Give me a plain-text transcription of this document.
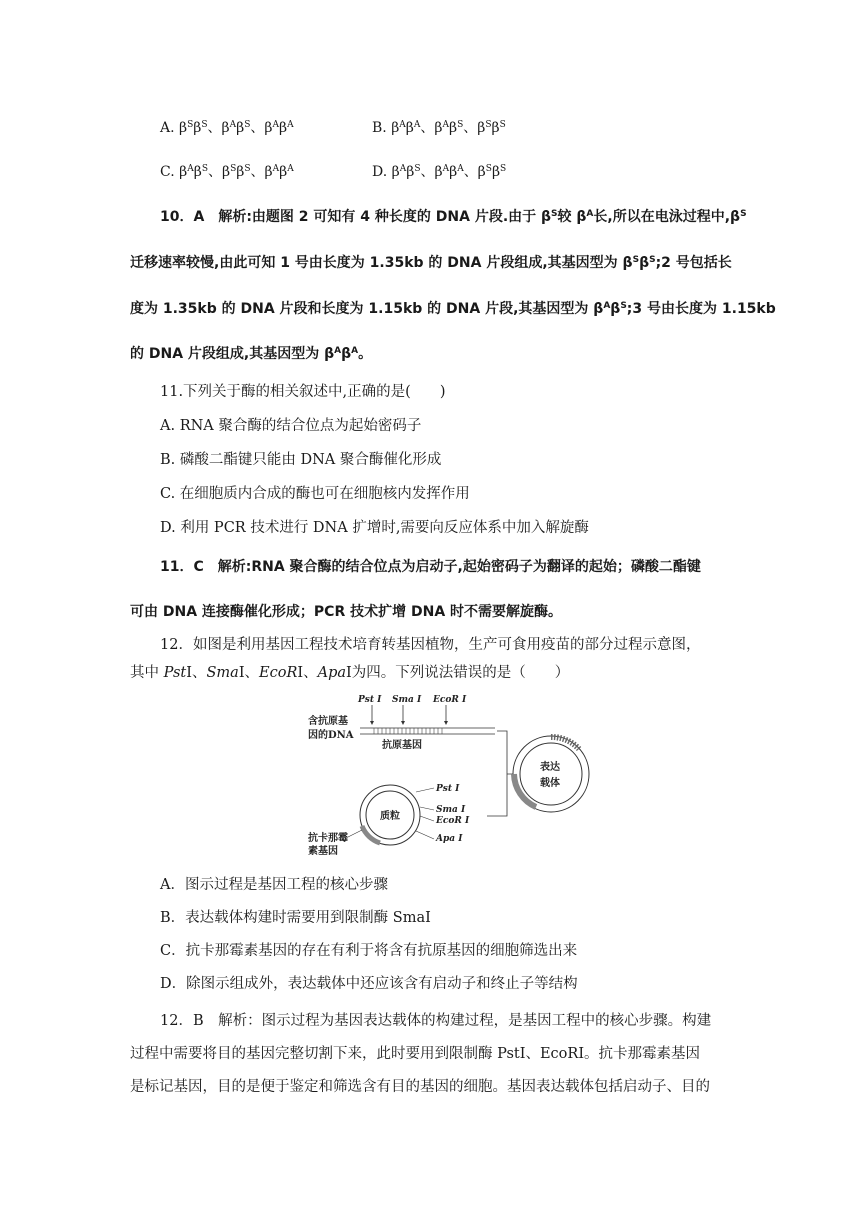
A. $\beta^S\beta^S$、$\beta^A\beta^S$、$\beta^A\beta^A$	B. $\beta^A\beta^A$、$\beta^A\beta^S$、$\beta^S\beta^S$
C. $\beta^A\beta^S$、$\beta^S\beta^S$、$\beta^A\beta^A$	D. $\beta^A\beta^S$、$\beta^A\beta^A$、$\beta^S\beta^S$
10．A　解析:由题图 2 可知有 4 种长度的 DNA 片段.由于 $\beta^S$较 $\beta^A$长,所以在电泳过程中$,\beta^S$
迁移速率较慢,由此可知 1 号由长度为 1.35kb 的 DNA 片段组成,其基因型为 $\beta^S\beta^S;2$ 号包括长
度为 1.35kb 的 DNA 片段和长度为 1.15kb 的 DNA 片段,其基因型为 $\beta^A\beta^S;3$ 号由长度为 1.15kb
的 DNA 片段组成,其基因型为 $\beta^A\beta^A$。
11.下列关于酶的相关叙述中,正确的是(　　)
A. RNA 聚合酶的结合位点为起始密码子
B. 磷酸二酯键只能由 DNA 聚合酶催化形成
C. 在细胞质内合成的酶也可在细胞核内发挥作用
D. 利用 PCR 技术进行 DNA 扩增时,需要向反应体系中加入解旋酶
11．C　解析:RNA 聚合酶的结合位点为启动子,起始密码子为翻译的起始；磷酸二酯键
可由 DNA 连接酶催化形成；PCR 技术扩增 DNA 时不需要解旋酶。
12．如图是利用基因工程技术培育转基因植物，生产可食用疫苗的部分过程示意图，
其中 PstⅠ、SmaⅠ、EcoRⅠ、ApaⅠ为四。下列说法错误的是（　　）
Pst Ⅰ Sma Ⅰ EcoR Ⅰ
含抗原基
因的DNA
抗原基因
表达
载体
质粒
Pst Ⅰ
Sma Ⅰ
EcoR Ⅰ
Apa Ⅰ
抗卡那霉
素基因
A．图示过程是基因工程的核心步骤
B．表达载体构建时需要用到限制酶 SmaⅠ
C．抗卡那霉素基因的存在有利于将含有抗原基因的细胞筛选出来
D．除图示组成外，表达载体中还应该含有启动子和终止子等结构
12．B　解析：图示过程为基因表达载体的构建过程，是基因工程中的核心步骤。构建
过程中需要将目的基因完整切割下来，此时要用到限制酶 PstⅠ、EcoRⅠ。抗卡那霉素基因
是标记基因，目的是便于鉴定和筛选含有目的基因的细胞。基因表达载体包括启动子、目的
